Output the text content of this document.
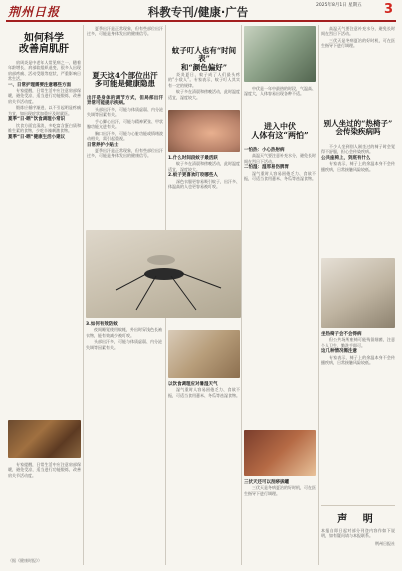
荆州日报	科教专刊/健康·广告	2025年8月1日 星期五 3
如何科学
改善肩肌肝

肩周炎是中老年人常见病之一，随着年龄增长，肩部软组织退变，很多人出现肩部疼痛、活动受限等症状，严重影响日常生活。

一、日常护理需要注意哪些方面

专家提醒，日常生活中应注意肩部保暖，避免受凉，适当进行功能锻炼，改善肩关节活动度。

锻炼应循序渐进，以不引起明显疼痛为宜，如出现症状加重应及时就医。

夏季“日·晒”饮食调理小常识

饮食方面宜清淡，多吃富含蛋白质和维生素的食物，少吃辛辣刺激食物。

夏季“日·晒”健康生活小建议

专家提醒，日常生活中应注意肩部保暖，避免受凉，适当进行功能锻炼，改善肩关节活动度。

（据《健康时报》）

夏季出汗是正常现象，但有些部位出汗过多，可能是身体发出的健康信号。

夏天这4个部位出汗
多可能是健康隐患
出汗是身体的调节方式，但局部出汗异常可能提示疾病。

头部出汗多，可能与体质虚弱、内分泌失调等因素有关。

手心脚心出汗，可能与精神紧张、甲状腺功能亢进有关。

胸口出汗多，可能与心脏功能或情绪波动相关，需引起重视。

日常养护小贴士

夏季出汗是正常现象，但有些部位出汗过多，可能是身体发出的健康信号。

蚊子叮人也有“时间表”
和“颜色偏好”

炎炎夏日，蚊子成了人们最头疼的“小敌人”。专家表示，蚊子叮人其实有一定的规律。

蚊子多在清晨和傍晚活动，此时温度适宜，湿度较大。

1.什么时间段蚊子最活跃

蚊子多在清晨和傍晚活动，此时温度适宜，湿度较大。

2.蚊子更喜欢叮咬哪些人

深色衣服更容易吸引蚊子，出汗多、体温高的人也更容易被叮咬。

3.如何有效防蚊

夜间睡觉使用蚊帐，外出时穿浅色长袖衣物，能有效减少被叮咬。

头部出汗多，可能与体质虚弱、内分泌失调等因素有关。

中伏是一年中最热的时段，气温高、湿度大，人体容易出现各种不适。

进入中伏
人体有这“两怕”
一怕热：小心热射病

高温天气要注意补充水分，避免长时间在烈日下活动。

二怕湿：湿邪易伤脾胃

湿气重时人容易困倦乏力、食欲不振，可适当食用薏米、冬瓜等祛湿食物。

以饮食调理应对暑湿天气

湿气重时人容易困倦乏力、食欲不振，可适当食用薏米、冬瓜等祛湿食物。

三伏天还可以刮痧拔罐

三伏天是冬病夏治的好时机，可在医生指导下进行调理。

高温天气要注意补充水分，避免长时间在烈日下活动。

三伏天是冬病夏治的好时机，可在医生指导下进行调理。

别人坐过的“热椅子”
会传染疾病吗

不少人坐到别人刚坐过的椅子时会觉得不舒服，担心会传染疾病。

公共座椅上，到底有什么

专家表示，椅子上的余温本身不会传播疾病，日常接触风险较低。

坐热椅子会不会得病

但公共场所座椅可能残留细菌，注意个人卫生、勤洗手即可。

这几种情况需注意

专家表示，椅子上的余温本身不会传播疾病，日常接触风险较低。

声 明
本报自即日起对部分刊登内容作如下说明，如有疑问请与本报联系。
荆州日报社
